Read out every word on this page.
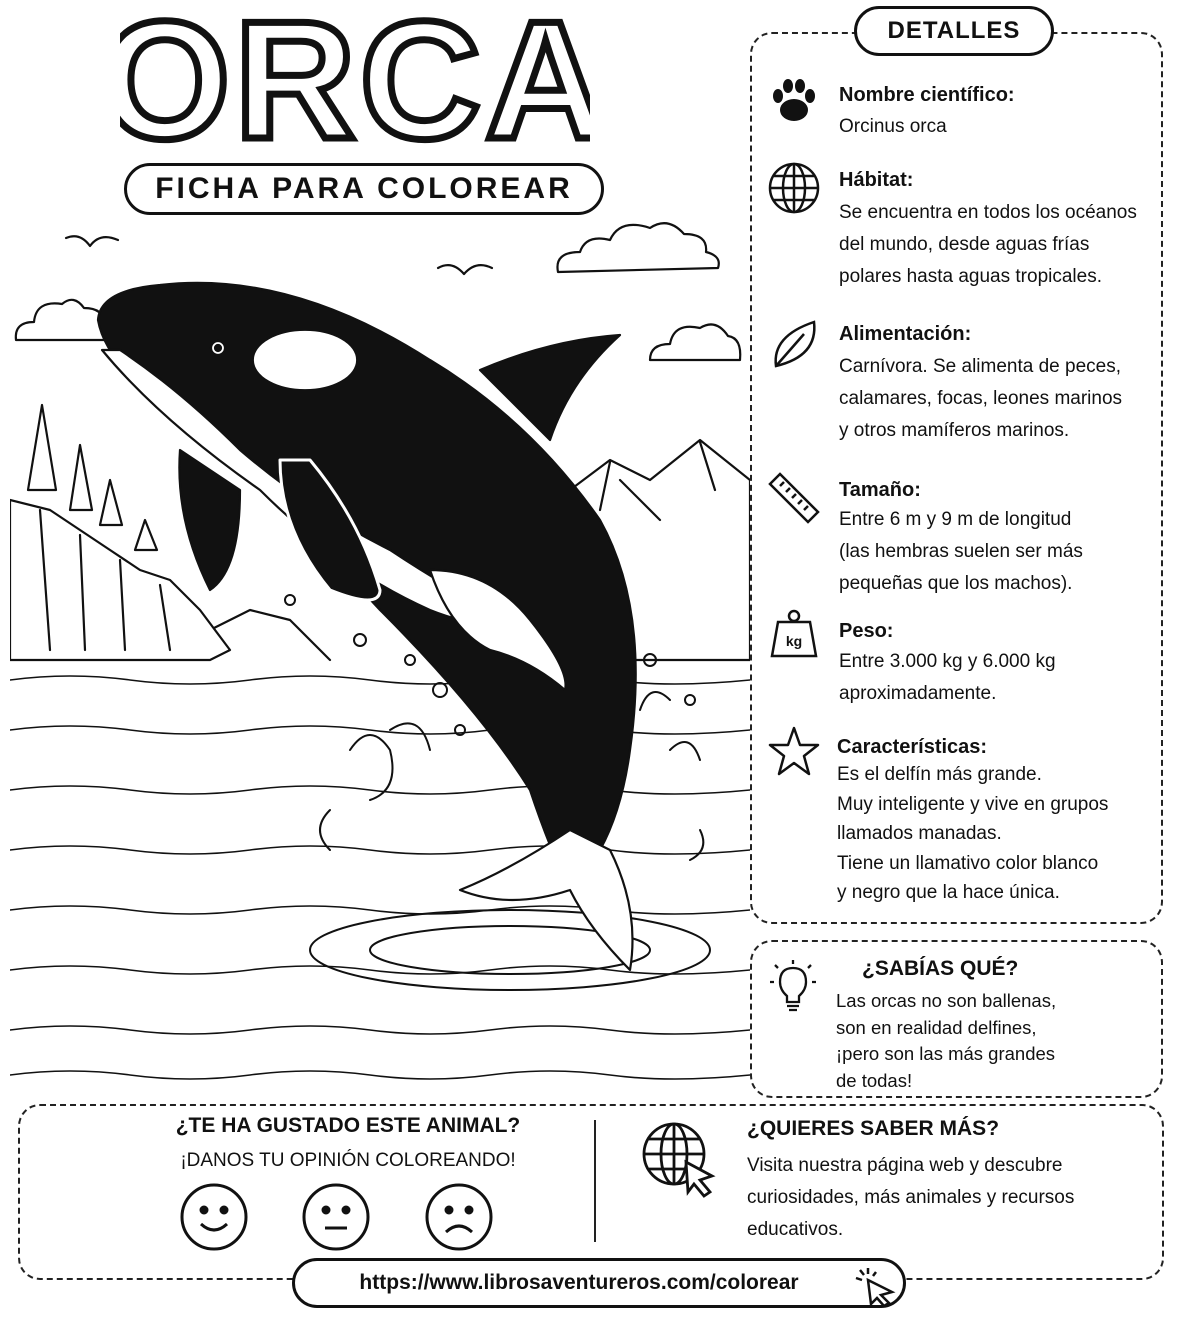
ORCA
FICHA PARA COLOREAR
DETALLES
Nombre científico:
Orcinus orca
Hábitat:
Se encuentra en todos los océanos
del mundo, desde aguas frías
polares hasta aguas tropicales.
Alimentación:
Carnívora. Se alimenta de peces,
calamares, focas, leones marinos
y otros mamíferos marinos.
Tamaño:
Entre 6 m y 9 m de longitud
(las hembras suelen ser más
pequeñas que los machos).
kg Peso:
Entre 3.000 kg y 6.000 kg
aproximadamente.
Características:
Es el delfín más grande.
Muy inteligente y vive en grupos
llamados manadas.
Tiene un llamativo color blanco
y negro que la hace única.
¿SABÍAS QUÉ?
Las orcas no son ballenas,
son en realidad delfines,
¡pero son las más grandes
de todas!
¿TE HA GUSTADO ESTE ANIMAL?
¡DANOS TU OPINIÓN COLOREANDO!
¿QUIERES SABER MÁS?
Visita nuestra página web y descubre
curiosidades, más animales y recursos
educativos.
https://www.librosaventureros.com/colorear
